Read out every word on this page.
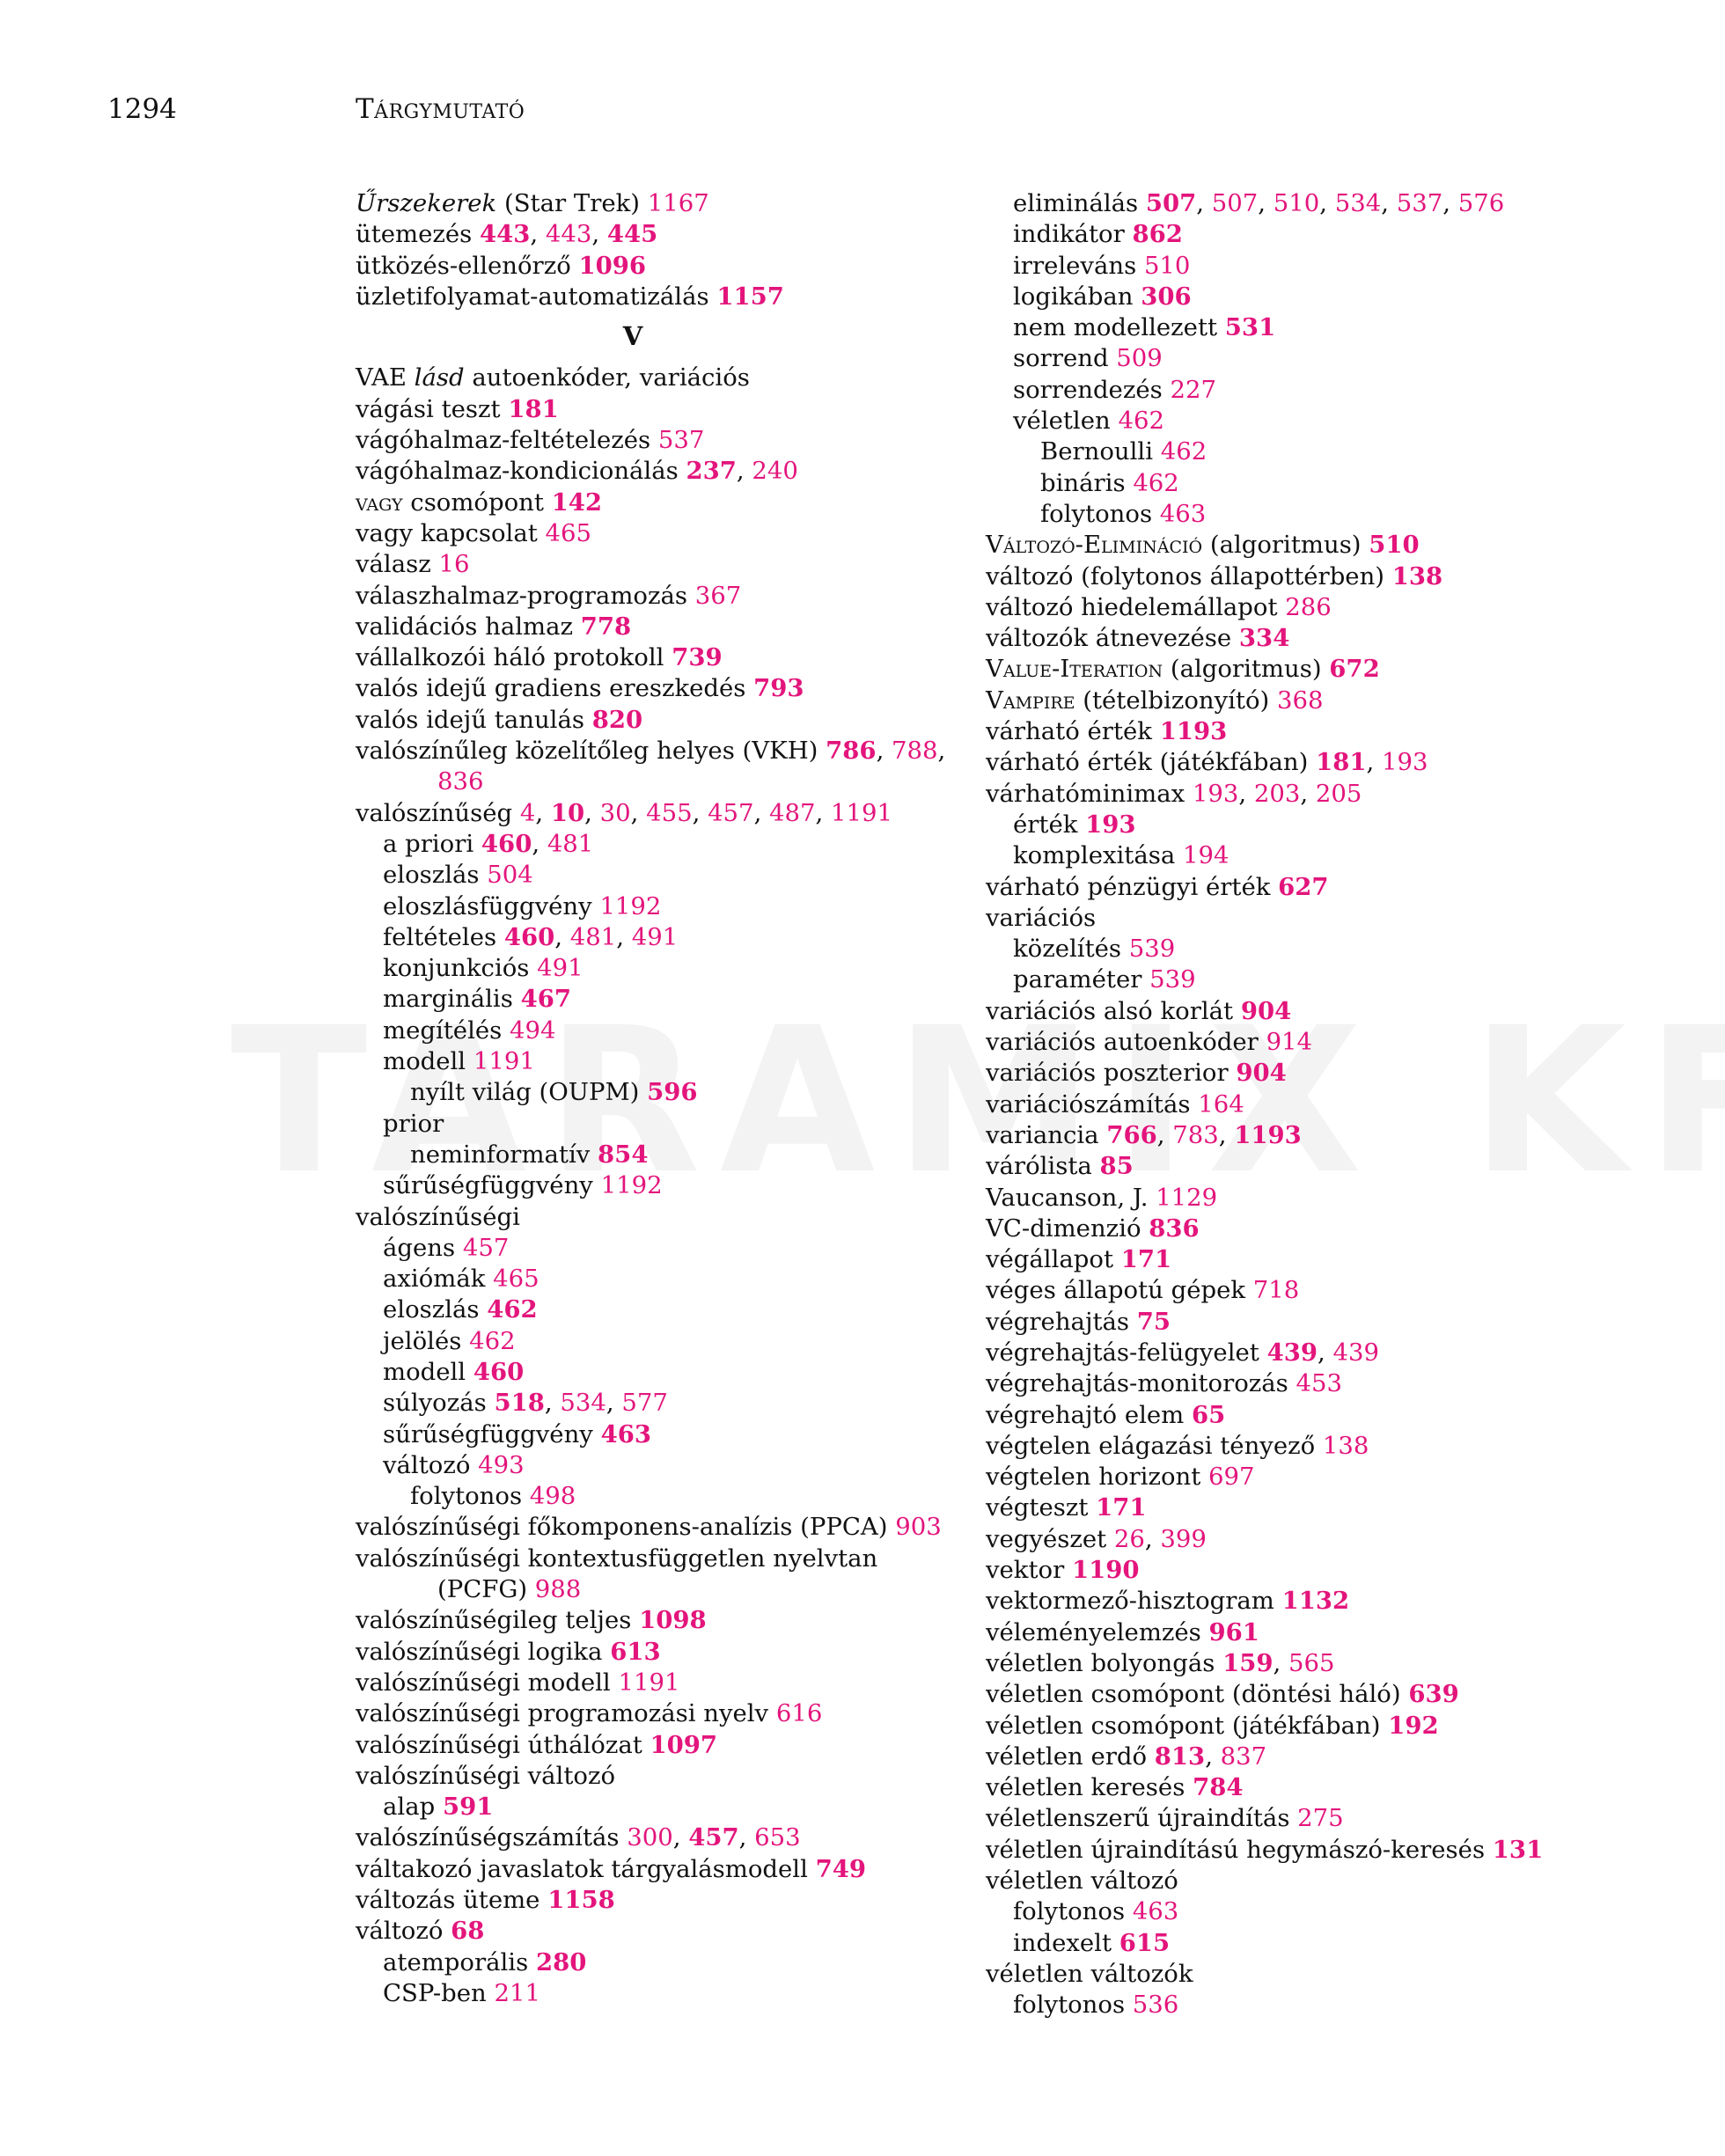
1294	Tárgymutató
Űrszekerek (Star Trek) 1167
ütemezés 443, 443, 445
ütközés-ellenőrző 1096
üzletifolyamat-automatizálás 1157
V
VAE lásd autoenkóder, variációs
vágási teszt 181
vágóhalmaz-feltételezés 537
vágóhalmaz-kondicionálás 237, 240
vagy csomópont 142
vagy kapcsolat 465
válasz 16
válaszhalmaz-programozás 367
validációs halmaz 778
vállalkozói háló protokoll 739
valós idejű gradiens ereszkedés 793
valós idejű tanulás 820
valószínűleg közelítőleg helyes (VKH) 786, 788,
836
valószínűség 4, 10, 30, 455, 457, 487, 1191
a priori 460, 481
eloszlás 504
eloszlásfüggvény 1192
feltételes 460, 481, 491
konjunkciós 491
marginális 467
megítélés 494
modell 1191
nyílt világ (OUPM) 596
prior
neminformatív 854
sűrűségfüggvény 1192
valószínűségi
ágens 457
axiómák 465
eloszlás 462
jelölés 462
modell 460
súlyozás 518, 534, 577
sűrűségfüggvény 463
változó 493
folytonos 498
valószínűségi főkomponens-analízis (PPCA) 903
valószínűségi kontextusfüggetlen nyelvtan
(PCFG) 988
valószínűségileg teljes 1098
valószínűségi logika 613
valószínűségi modell 1191
valószínűségi programozási nyelv 616
valószínűségi úthálózat 1097
valószínűségi változó
alap 591
valószínűségszámítás 300, 457, 653
váltakozó javaslatok tárgyalásmodell 749
változás üteme 1158
változó 68
atemporális 280
CSP-ben 211
eliminálás 507, 507, 510, 534, 537, 576
indikátor 862
irreleváns 510
logikában 306
nem modellezett 531
sorrend 509
sorrendezés 227
véletlen 462
Bernoulli 462
bináris 462
folytonos 463
Változó-Elimináció (algoritmus) 510
változó (folytonos állapottérben) 138
változó hiedelemállapot 286
változók átnevezése 334
Value-Iteration (algoritmus) 672
Vampire (tételbizonyító) 368
várható érték 1193
várható érték (játékfában) 181, 193
várhatóminimax 193, 203, 205
érték 193
komplexitása 194
várható pénzügyi érték 627
variációs
közelítés 539
paraméter 539
variációs alsó korlát 904
variációs autoenkóder 914
variációs poszterior 904
variációszámítás 164
variancia 766, 783, 1193
várólista 85
Vaucanson, J. 1129
VC-dimenzió 836
végállapot 171
véges állapotú gépek 718
végrehajtás 75
végrehajtás-felügyelet 439, 439
végrehajtás-monitorozás 453
végrehajtó elem 65
végtelen elágazási tényező 138
végtelen horizont 697
végteszt 171
vegyészet 26, 399
vektor 1190
vektormező-hisztogram 1132
véleményelemzés 961
véletlen bolyongás 159, 565
véletlen csomópont (döntési háló) 639
véletlen csomópont (játékfában) 192
véletlen erdő 813, 837
véletlen keresés 784
véletlenszerű újraindítás 275
véletlen újraindítású hegymászó-keresés 131
véletlen változó
folytonos 463
indexelt 615
véletlen változók
folytonos 536
